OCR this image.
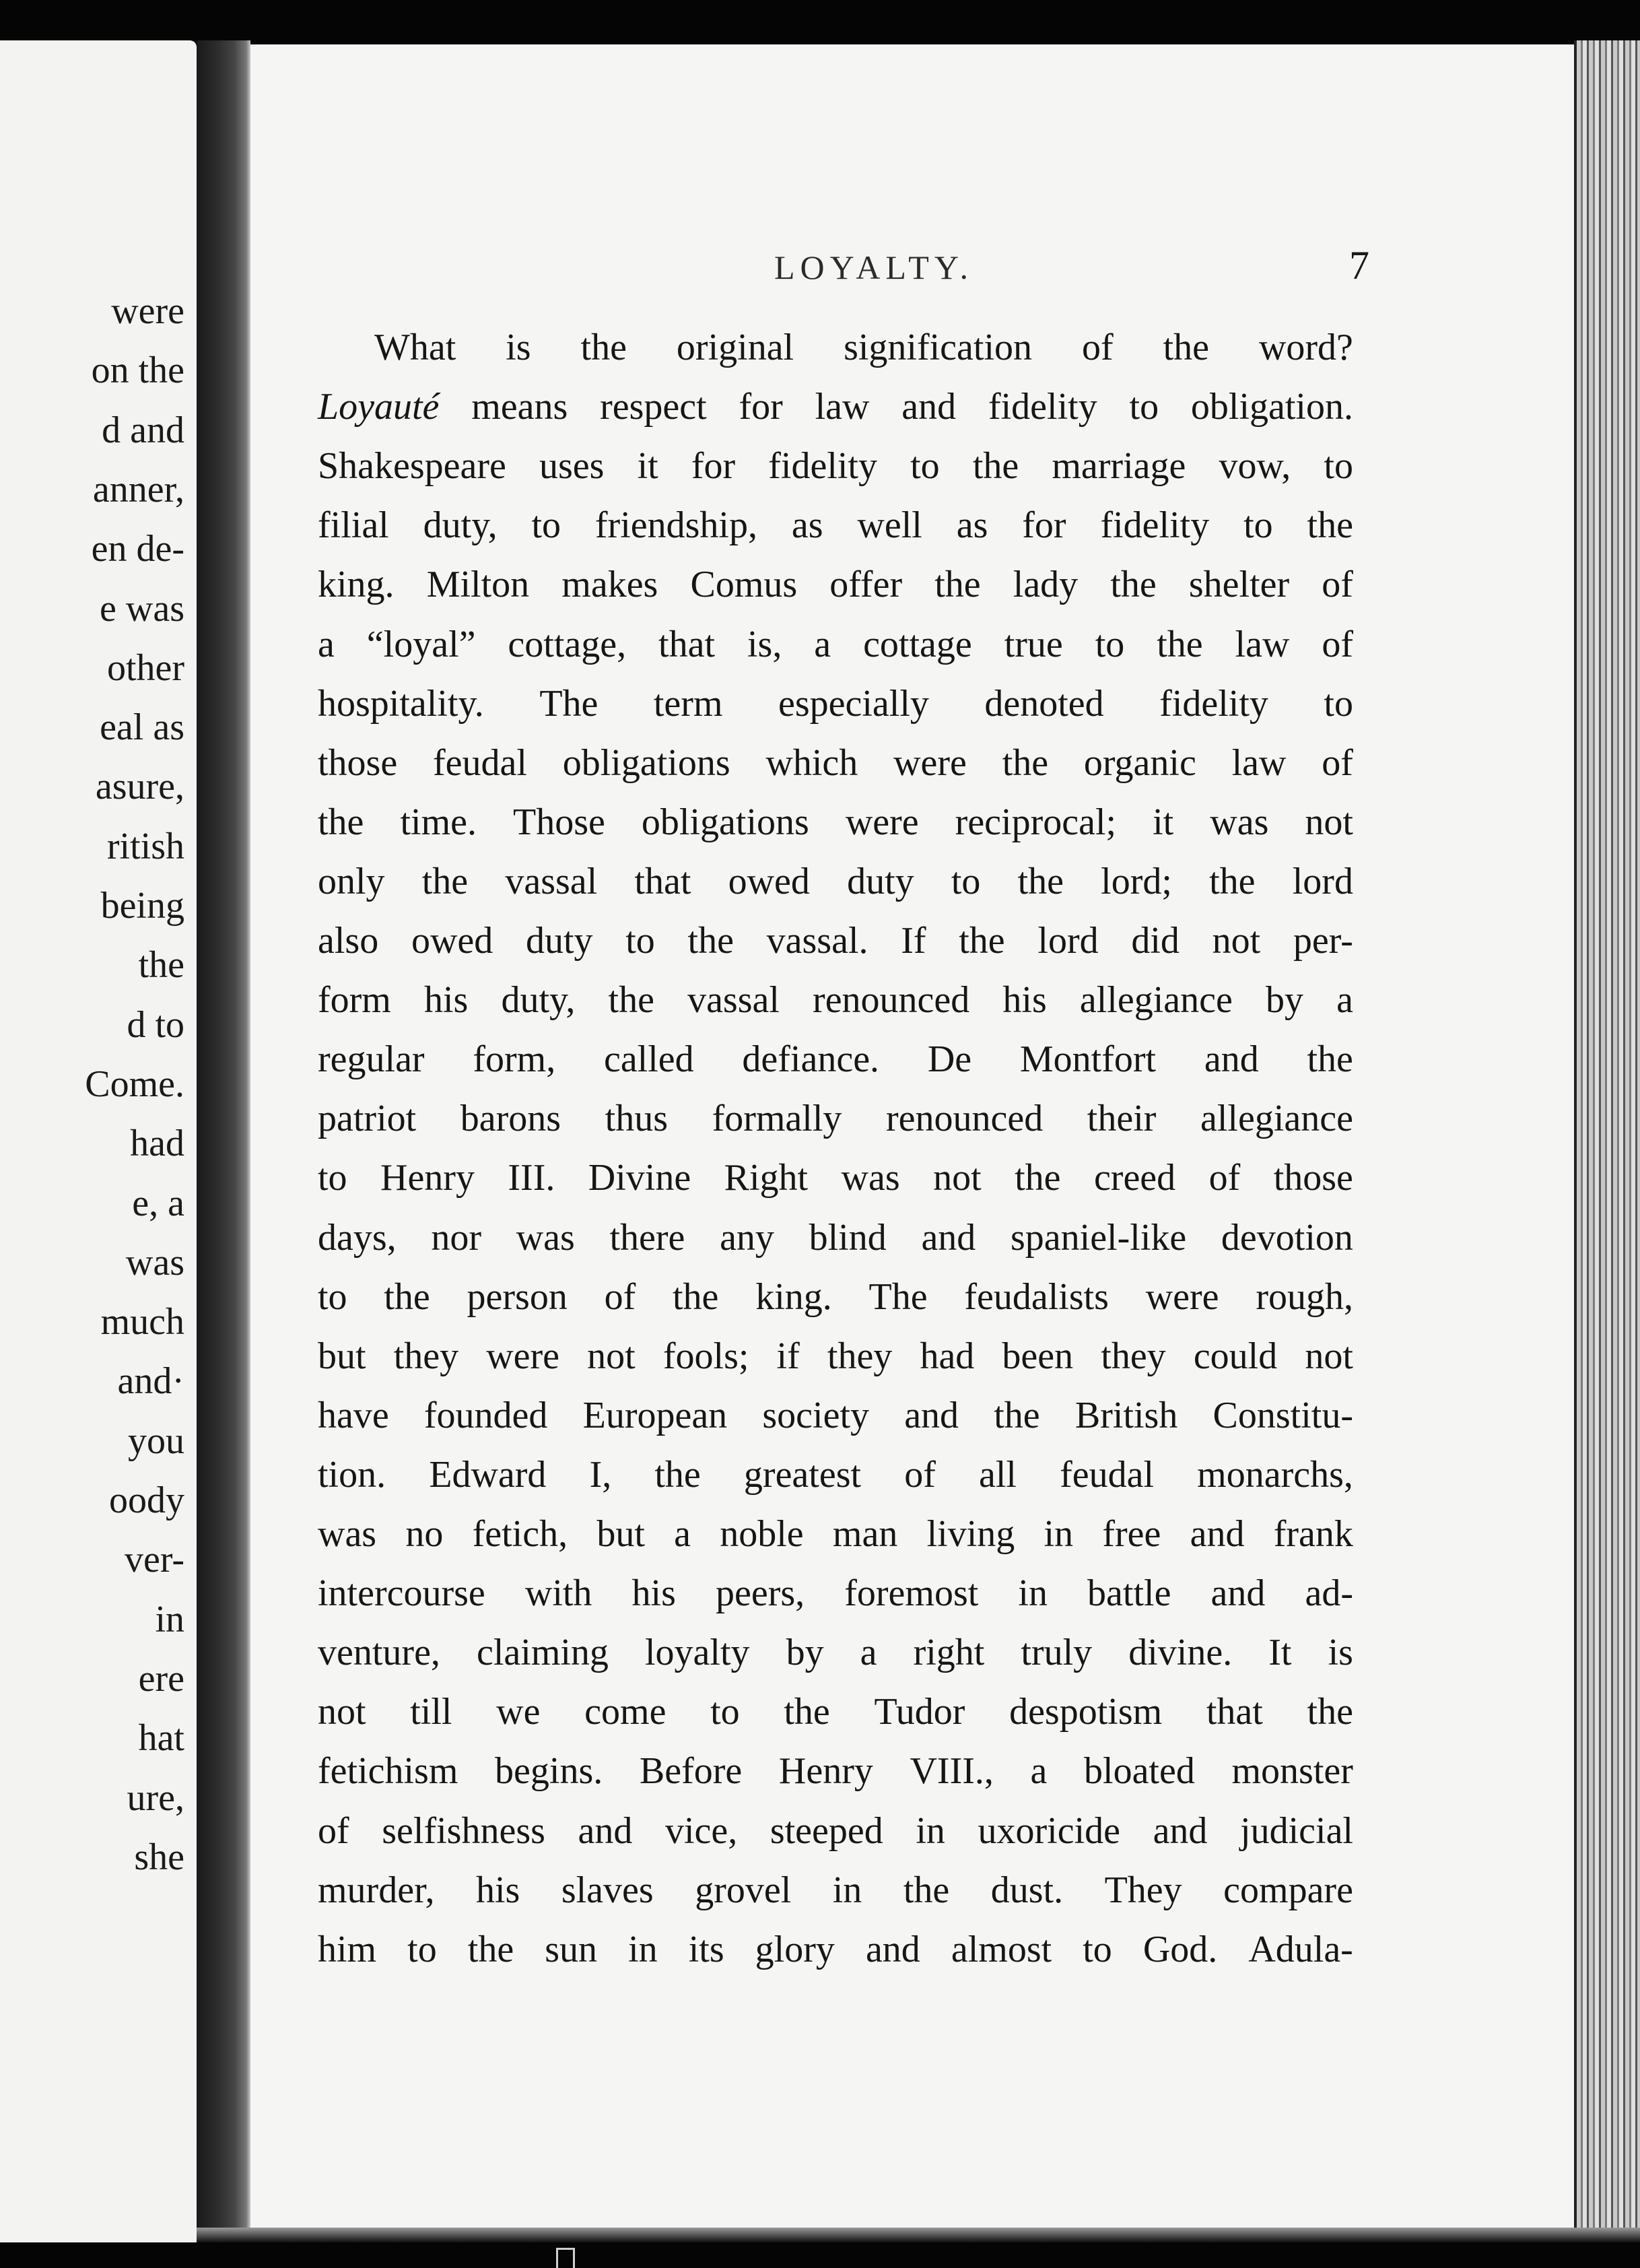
were
on the
d and
anner,
en de-
e was
other
eal as
asure,
ritish
being
the
d to
Come.
had
e, a
was
much
and·
you
oody
ver-
in
ere
hat
ure,
she
LOYALTY.	7
What is the original signification of the word?
Loyauté means respect for law and fidelity to obligation.
Shakespeare uses it for fidelity to the marriage vow, to
filial duty, to friendship, as well as for fidelity to the
king. Milton makes Comus offer the lady the shelter of
a “loyal” cottage, that is, a cottage true to the law of
hospitality. The term especially denoted fidelity to
those feudal obligations which were the organic law of
the time. Those obligations were reciprocal; it was not
only the vassal that owed duty to the lord; the lord
also owed duty to the vassal. If the lord did not per-
form his duty, the vassal renounced his allegiance by a
regular form, called defiance. De Montfort and the
patriot barons thus formally renounced their allegiance
to Henry III. Divine Right was not the creed of those
days, nor was there any blind and spaniel-like devotion
to the person of the king. The feudalists were rough,
but they were not fools; if they had been they could not
have founded European society and the British Constitu-
tion. Edward I, the greatest of all feudal monarchs,
was no fetich, but a noble man living in free and frank
intercourse with his peers, foremost in battle and ad-
venture, claiming loyalty by a right truly divine. It is
not till we come to the Tudor despotism that the
fetichism begins. Before Henry VIII., a bloated monster
of selfishness and vice, steeped in uxoricide and judicial
murder, his slaves grovel in the dust. They compare
him to the sun in its glory and almost to God. Adula-
